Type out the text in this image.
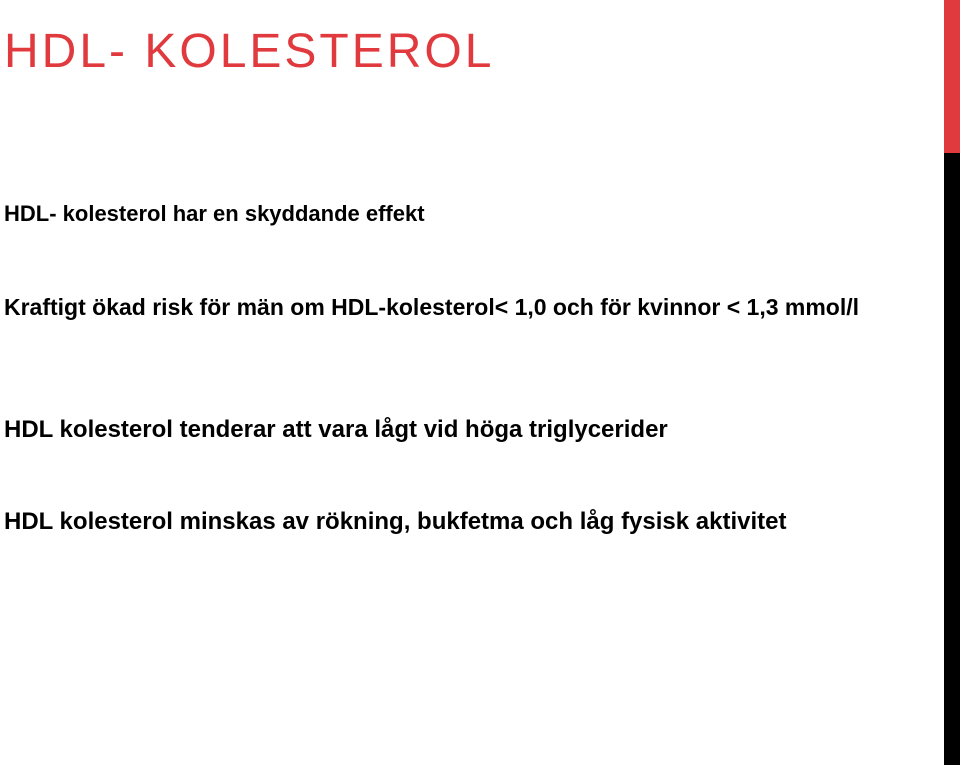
HDL- KOLESTEROL

HDL- kolesterol har en skyddande effekt

Kraftigt ökad risk för män om HDL-kolesterol< 1,0 och för kvinnor < 1,3 mmol/l

HDL kolesterol tenderar att vara lågt vid höga triglycerider

HDL kolesterol minskas av rökning, bukfetma och låg fysisk aktivitet
